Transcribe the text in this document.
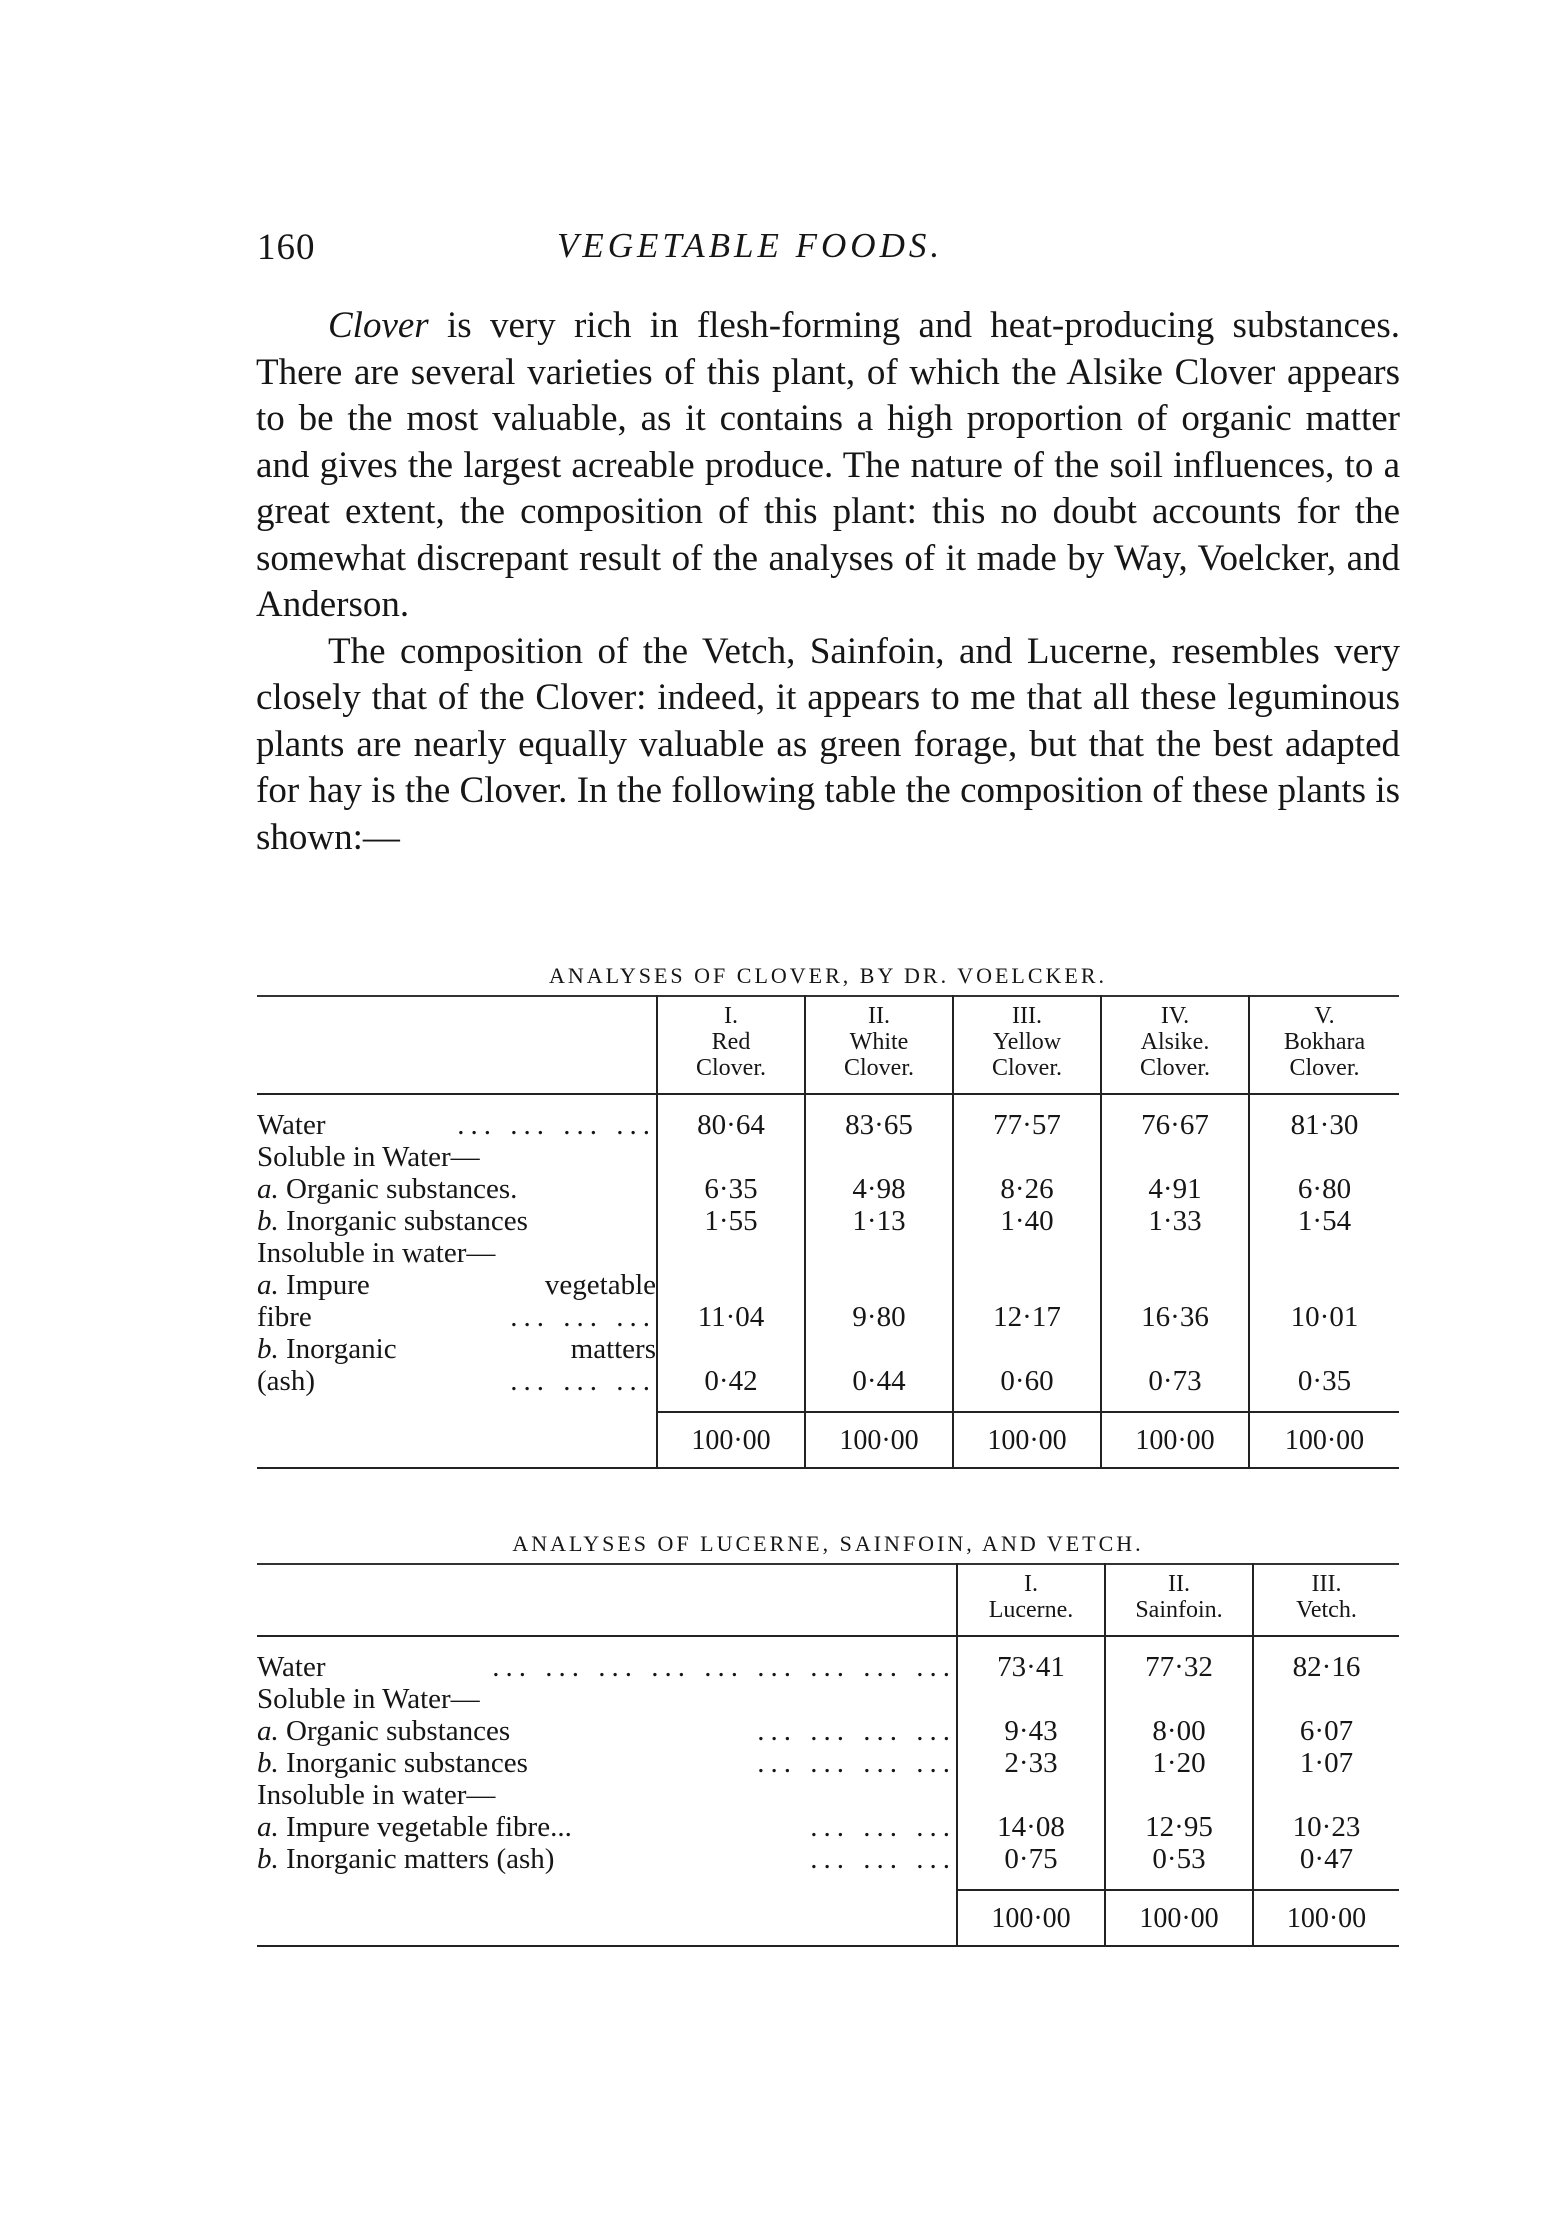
160	VEGETABLE FOODS.

Clover is very rich in flesh-forming and heat-producing substances. There are several varieties of this plant, of which the Alsike Clover appears to be the most valuable, as it contains a high proportion of organic matter and gives the largest acreable produce. The nature of the soil influences, to a great extent, the composition of this plant: this no doubt accounts for the somewhat discrepant result of the analyses of it made by Way, Voelcker, and Anderson.

The composition of the Vetch, Sainfoin, and Lucerne, resembles very closely that of the Clover: indeed, it appears to me that all these leguminous plants are nearly equally valuable as green forage, but that the best adapted for hay is the Clover. In the following table the composition of these plants is shown:—

ANALYSES OF CLOVER, BY DR. VOELCKER.

	I.
Red
Clover.	II.
White
Clover.	III.
Yellow
Clover.	IV.
Alsike.
Clover.	V.
Bokhara
Clover.

Water ... ... ... ...	80·64	83·65	77·57	76·67	81·30
Soluble in Water—					
a. Organic substances.	6·35	4·98	8·26	4·91	6·80
b. Inorganic substances	1·55	1·13	1·40	1·33	1·54
Insoluble in water—					

a. Impure vegetable					

fibre ... ... ...	11·04	9·80	12·17	16·36	10·01

b. Inorganic matters					

(ash) ... ... ...	0·42	0·44	0·60	0·73	0·35

	100·00	100·00	100·00	100·00	100·00
ANALYSES OF LUCERNE, SAINFOIN, AND VETCH.

	I.
Lucerne.	II.
Sainfoin.	III.
Vetch.

Water ... ... ... ... ... ... ... ... ...	73·41	77·32	82·16
Soluble in Water—			

a. Organic substances ... ... ... ...	9·43	8·00	6·07

b. Inorganic substances ... ... ... ...	2·33	1·20	1·07
Insoluble in water—			

a. Impure vegetable fibre... ... ... ...	14·08	12·95	10·23

b. Inorganic matters (ash) ... ... ...	0·75	0·53	0·47

	100·00	100·00	100·00
